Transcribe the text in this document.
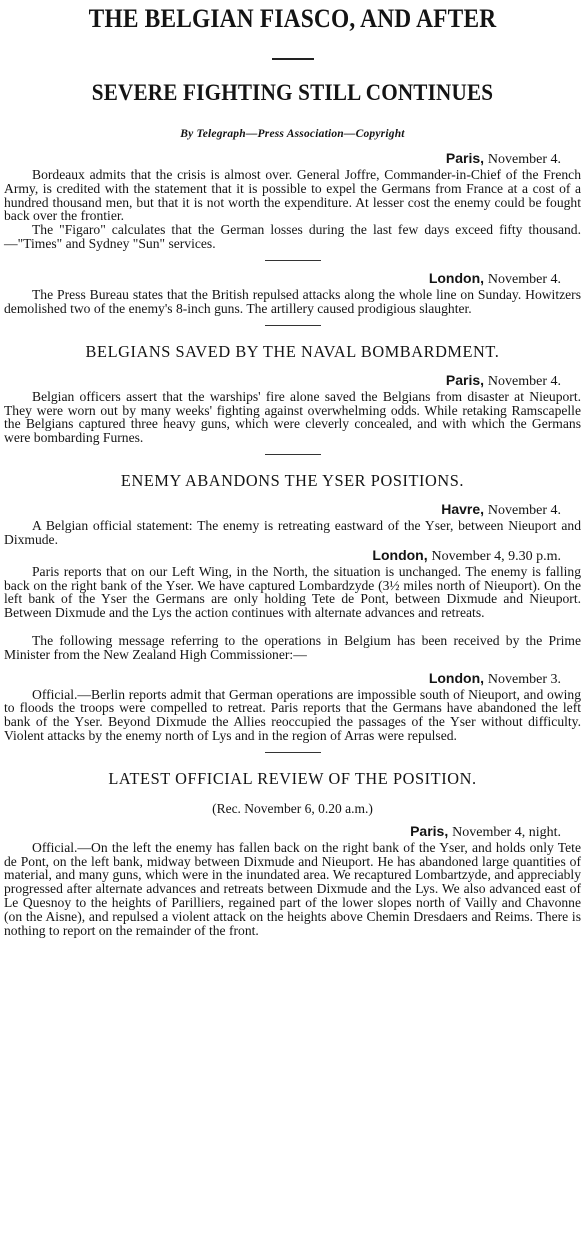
THE BELGIAN FIASCO, AND AFTER
SEVERE FIGHTING STILL CONTINUES
By Telegraph—Press Association—Copyright
Paris, November 4.

Bordeaux admits that the crisis is almost over. General Joffre, Commander-in-Chief of the French Army, is credited with the statement that it is possible to expel the Germans from France at a cost of a hundred thousand men, but that it is not worth the expenditure. At lesser cost the enemy could be fought back over the frontier.

The "Figaro" calculates that the German losses during the last few days exceed fifty thousand.—"Times" and Sydney "Sun" services.

London, November 4.

The Press Bureau states that the British repulsed attacks along the whole line on Sunday. Howitzers demolished two of the enemy's 8-inch guns. The artillery caused prodigious slaughter.

BELGIANS SAVED BY THE NAVAL BOMBARDMENT.
Paris, November 4.

Belgian officers assert that the warships' fire alone saved the Belgians from disaster at Nieuport. They were worn out by many weeks' fighting against overwhelming odds. While retaking Ramscapelle the Belgians captured three heavy guns, which were cleverly concealed, and with which the Germans were bombarding Furnes.

ENEMY ABANDONS THE YSER POSITIONS.
Havre, November 4.

A Belgian official statement: The enemy is retreating eastward of the Yser, between Nieuport and Dixmude.

London, November 4, 9.30 p.m.

Paris reports that on our Left Wing, in the North, the situation is unchanged. The enemy is falling back on the right bank of the Yser. We have captured Lombardzyde (3½ miles north of Nieuport). On the left bank of the Yser the Germans are only holding Tete de Pont, between Dixmude and Nieuport. Between Dixmude and the Lys the action continues with alternate advances and retreats.

The following message referring to the operations in Belgium has been received by the Prime Minister from the New Zealand High Commissioner:—

London, November 3.

Official.—Berlin reports admit that German operations are impossible south of Nieuport, and owing to floods the troops were compelled to retreat. Paris reports that the Germans have abandoned the left bank of the Yser. Beyond Dixmude the Allies reoccupied the passages of the Yser without difficulty. Violent attacks by the enemy north of Lys and in the region of Arras were repulsed.

LATEST OFFICIAL REVIEW OF THE POSITION.
(Rec. November 6, 0.20 a.m.)
Paris, November 4, night.

Official.—On the left the enemy has fallen back on the right bank of the Yser, and holds only Tete de Pont, on the left bank, midway between Dixmude and Nieuport. He has abandoned large quantities of material, and many guns, which were in the inundated area. We recaptured Lombartzyde, and appreciably progressed after alternate advances and retreats between Dixmude and the Lys. We also advanced east of Le Quesnoy to the heights of Parilliers, regained part of the lower slopes north of Vailly and Chavonne (on the Aisne), and repulsed a violent attack on the heights above Chemin Dresdaers and Reims. There is nothing to report on the remainder of the front.
